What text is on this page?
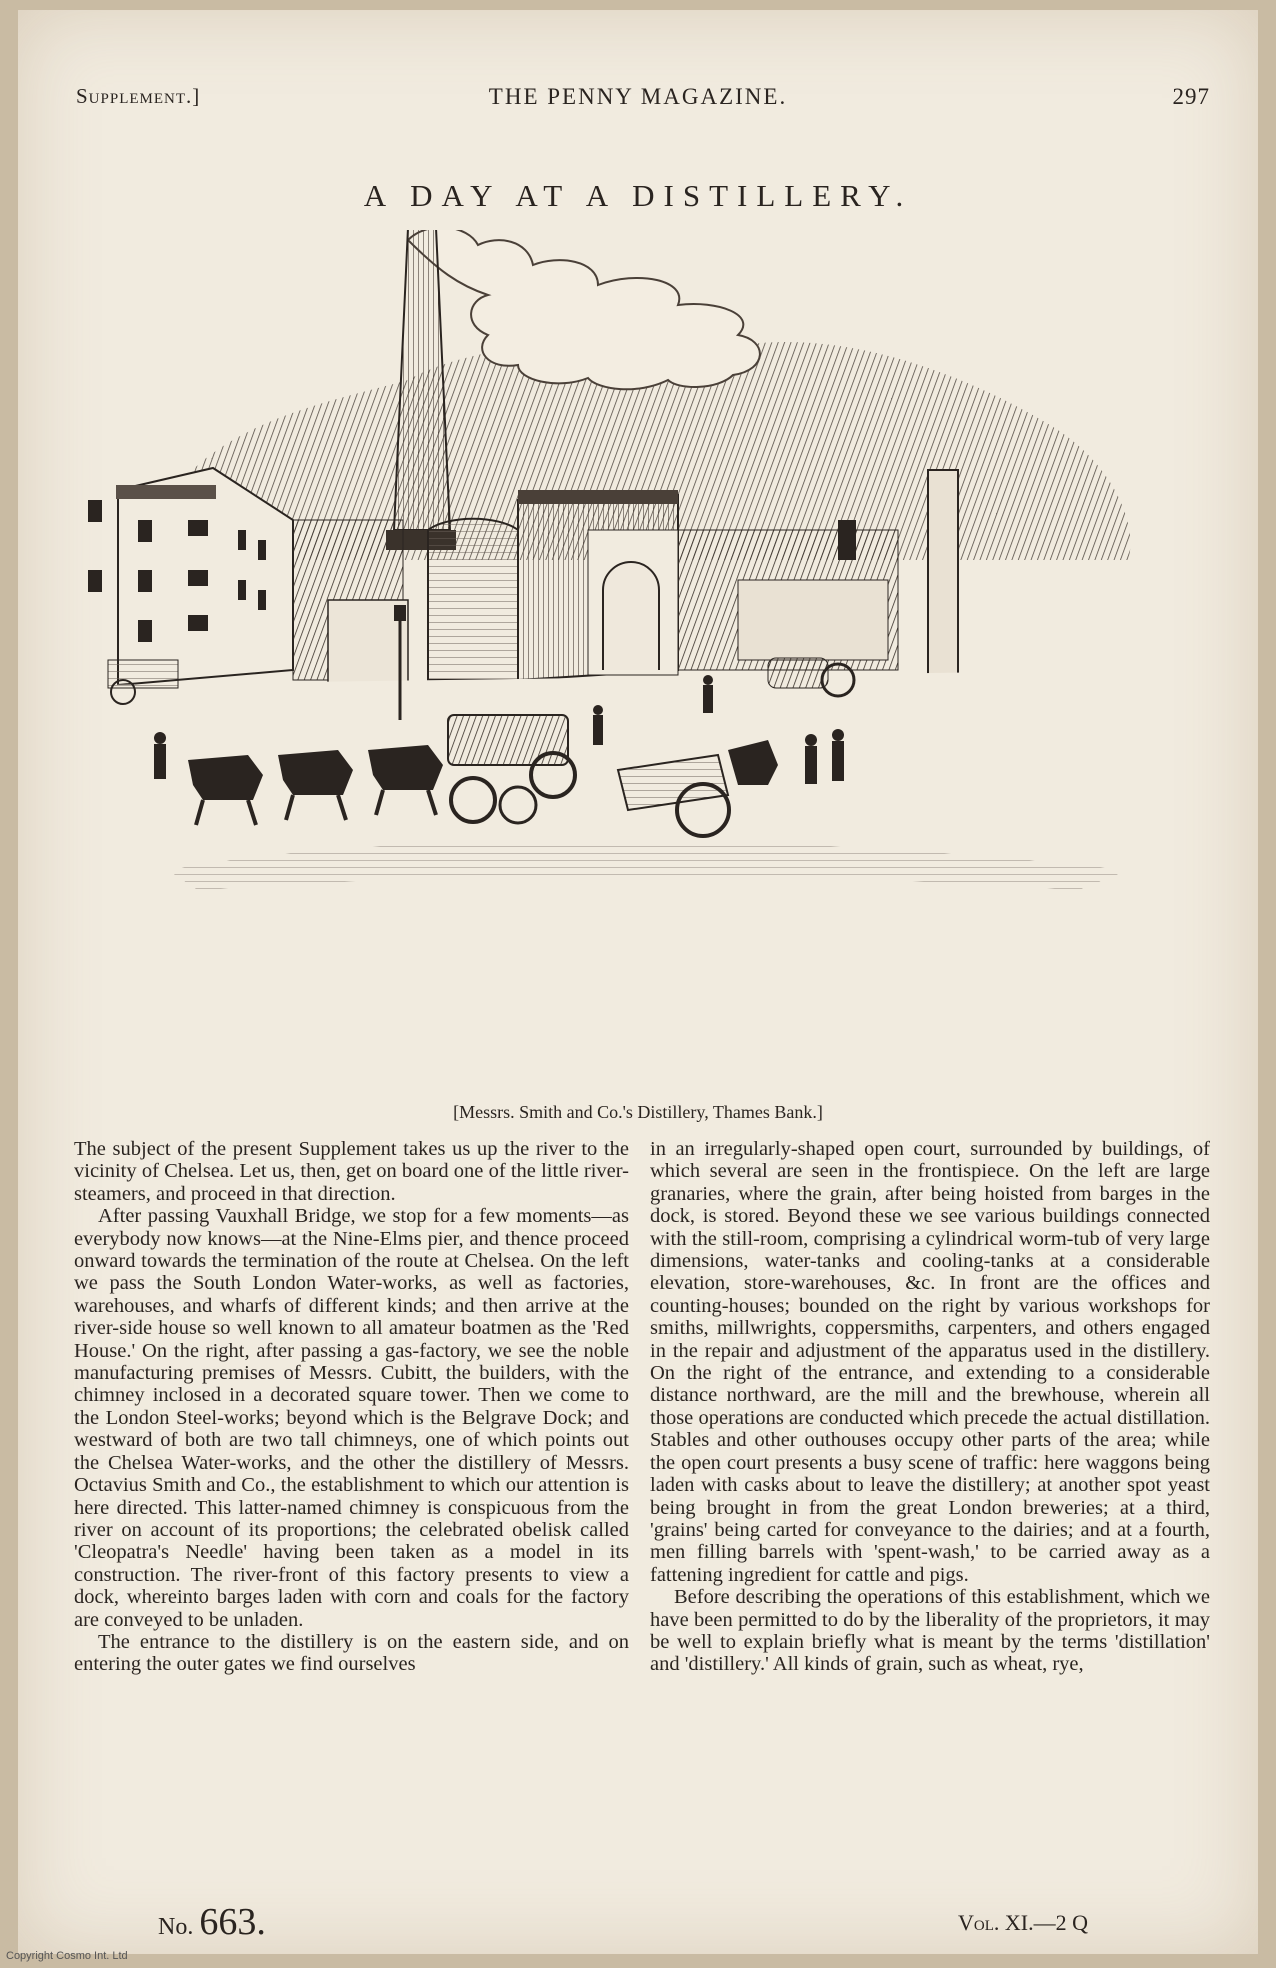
Supplement.]	THE PENNY MAGAZINE.	297
A DAY AT A DISTILLERY.
[Messrs. Smith and Co.'s Distillery, Thames Bank.]

The subject of the present Supplement takes us up the river to the vicinity of Chelsea. Let us, then, get on board one of the little river-steamers, and proceed in that direction.

After passing Vauxhall Bridge, we stop for a few moments—as everybody now knows—at the Nine-Elms pier, and thence proceed onward towards the termination of the route at Chelsea. On the left we pass the South London Water-works, as well as factories, warehouses, and wharfs of different kinds; and then arrive at the river-side house so well known to all amateur boatmen as the 'Red House.' On the right, after passing a gas-factory, we see the noble manufacturing premises of Messrs. Cubitt, the builders, with the chimney inclosed in a decorated square tower. Then we come to the London Steel-works; beyond which is the Belgrave Dock; and westward of both are two tall chimneys, one of which points out the Chelsea Water-works, and the other the distillery of Messrs. Octavius Smith and Co., the establishment to which our attention is here directed. This latter-named chimney is conspicuous from the river on account of its proportions; the celebrated obelisk called 'Cleopatra's Needle' having been taken as a model in its construction. The river-front of this factory presents to view a dock, whereinto barges laden with corn and coals for the factory are conveyed to be unladen.

The entrance to the distillery is on the eastern side, and on entering the outer gates we find ourselves

in an irregularly-shaped open court, surrounded by buildings, of which several are seen in the frontispiece. On the left are large granaries, where the grain, after being hoisted from barges in the dock, is stored. Beyond these we see various buildings connected with the still-room, comprising a cylindrical worm-tub of very large dimensions, water-tanks and cooling-tanks at a considerable elevation, store-warehouses, &c. In front are the offices and counting-houses; bounded on the right by various workshops for smiths, millwrights, coppersmiths, carpenters, and others engaged in the repair and adjustment of the apparatus used in the distillery. On the right of the entrance, and extending to a considerable distance northward, are the mill and the brewhouse, wherein all those operations are conducted which precede the actual distillation. Stables and other outhouses occupy other parts of the area; while the open court presents a busy scene of traffic: here waggons being laden with casks about to leave the distillery; at another spot yeast being brought in from the great London breweries; at a third, 'grains' being carted for conveyance to the dairies; and at a fourth, men filling barrels with 'spent-wash,' to be carried away as a fattening ingredient for cattle and pigs.

Before describing the operations of this establishment, which we have been permitted to do by the liberality of the proprietors, it may be well to explain briefly what is meant by the terms 'distillation' and 'distillery.' All kinds of grain, such as wheat, rye,

No. 663.	Vol. XI.—2 Q
Copyright Cosmo Int. Ltd
